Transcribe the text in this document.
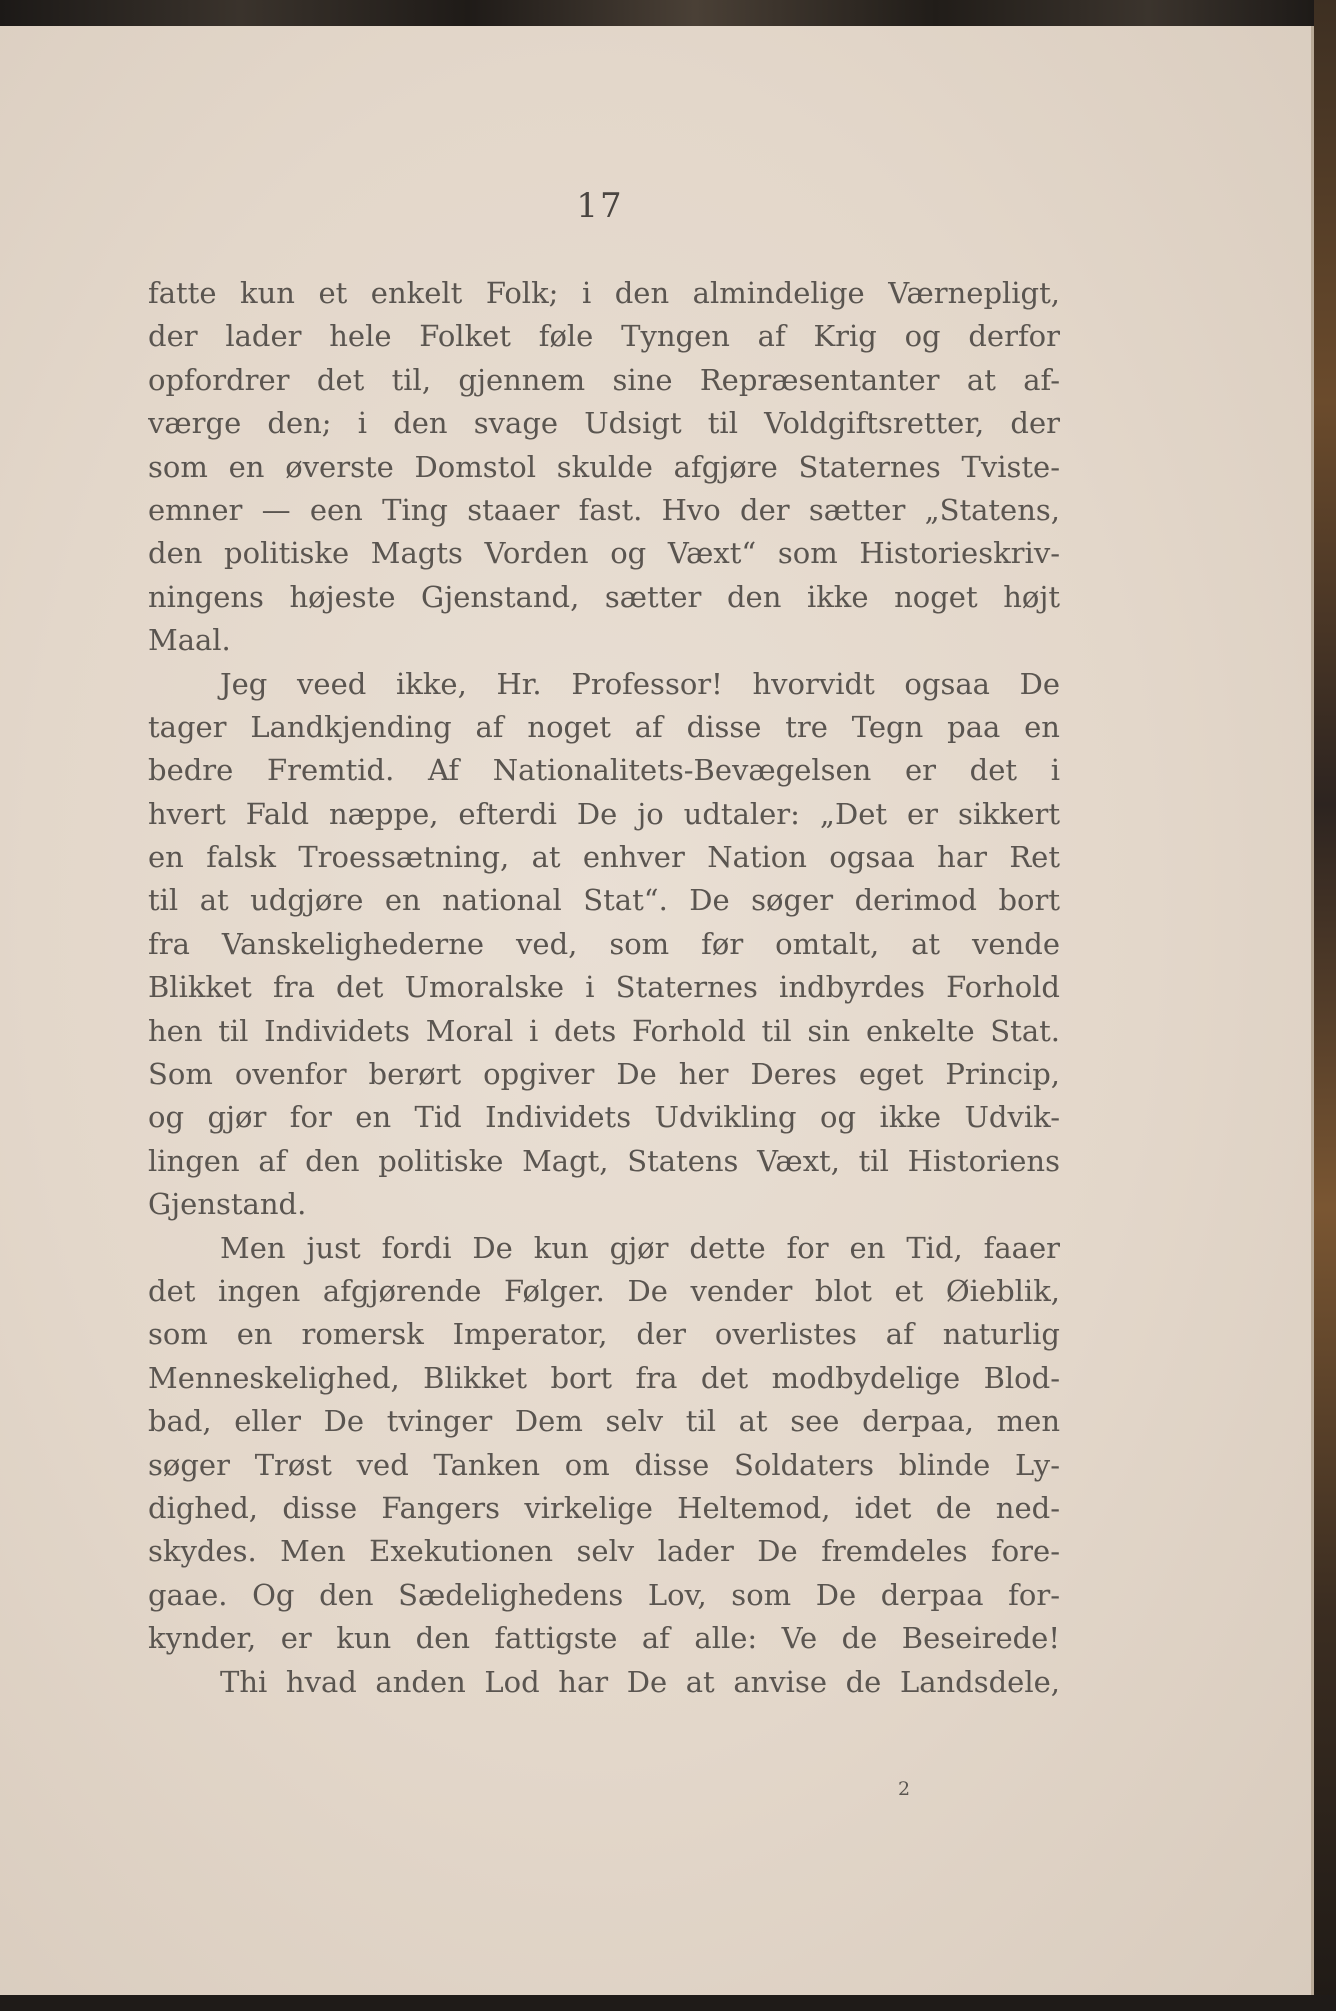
17
fatte kun et enkelt Folk; i den almindelige Værnepligt,
der lader hele Folket føle Tyngen af Krig og derfor
opfordrer det til, gjennem sine Repræsentanter at af-
værge den; i den svage Udsigt til Voldgiftsretter, der
som en øverste Domstol skulde afgjøre Staternes Tviste-
emner — een Ting staaer fast. Hvo der sætter „Statens,
den politiske Magts Vorden og Væxt“ som Historieskriv-
ningens højeste Gjenstand, sætter den ikke noget højt
Maal.
Jeg veed ikke, Hr. Professor! hvorvidt ogsaa De
tager Landkjending af noget af disse tre Tegn paa en
bedre Fremtid. Af Nationalitets-Bevægelsen er det i
hvert Fald næppe, efterdi De jo udtaler: „Det er sikkert
en falsk Troessætning, at enhver Nation ogsaa har Ret
til at udgjøre en national Stat“. De søger derimod bort
fra Vanskelighederne ved, som før omtalt, at vende
Blikket fra det Umoralske i Staternes indbyrdes Forhold
hen til Individets Moral i dets Forhold til sin enkelte Stat.
Som ovenfor berørt opgiver De her Deres eget Princip,
og gjør for en Tid Individets Udvikling og ikke Udvik-
lingen af den politiske Magt, Statens Væxt, til Historiens
Gjenstand.
Men just fordi De kun gjør dette for en Tid, faaer
det ingen afgjørende Følger. De vender blot et Øieblik,
som en romersk Imperator, der overlistes af naturlig
Menneskelighed, Blikket bort fra det modbydelige Blod-
bad, eller De tvinger Dem selv til at see derpaa, men
søger Trøst ved Tanken om disse Soldaters blinde Ly-
dighed, disse Fangers virkelige Heltemod, idet de ned-
skydes. Men Exekutionen selv lader De fremdeles fore-
gaae. Og den Sædelighedens Lov, som De derpaa for-
kynder, er kun den fattigste af alle: Ve de Beseirede!
Thi hvad anden Lod har De at anvise de Landsdele,
2
